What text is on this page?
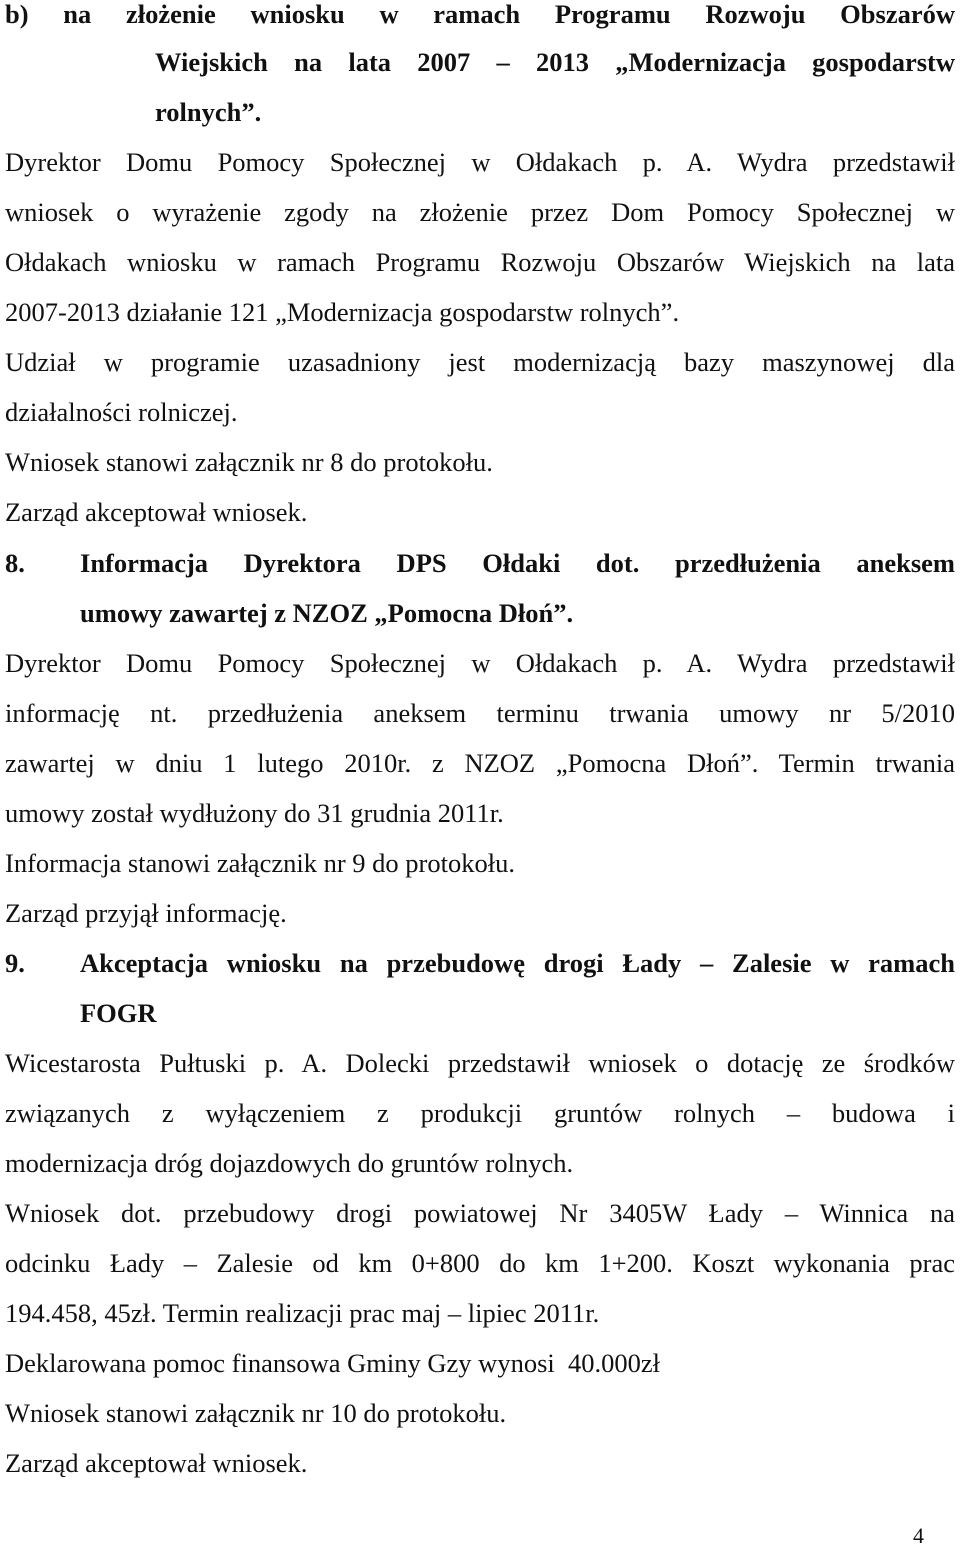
b) na złożenie wniosku w ramach Programu Rozwoju Obszarów
Wiejskich na lata 2007 – 2013 „Modernizacja gospodarstw
rolnych”.
Dyrektor Domu Pomocy Społecznej w Ołdakach p. A. Wydra przedstawił
wniosek o wyrażenie zgody na złożenie przez Dom Pomocy Społecznej w
Ołdakach wniosku w ramach Programu Rozwoju Obszarów Wiejskich na lata
2007-2013 działanie 121 „Modernizacja gospodarstw rolnych”.
Udział w programie uzasadniony jest modernizacją bazy maszynowej dla
działalności rolniczej.
Wniosek stanowi załącznik nr 8 do protokołu.
Zarząd akceptował wniosek.
8.	Informacja Dyrektora DPS Ołdaki dot. przedłużenia aneksem
umowy zawartej z NZOZ „Pomocna Dłoń”.
Dyrektor Domu Pomocy Społecznej w Ołdakach p. A. Wydra przedstawił
informację nt. przedłużenia aneksem terminu trwania umowy nr 5/2010
zawartej w dniu 1 lutego 2010r. z NZOZ „Pomocna Dłoń”. Termin trwania
umowy został wydłużony do 31 grudnia 2011r.
Informacja stanowi załącznik nr 9 do protokołu.
Zarząd przyjął informację.
9.	Akceptacja wniosku na przebudowę drogi Łady – Zalesie w ramach
FOGR
Wicestarosta Pułtuski p. A. Dolecki przedstawił wniosek o dotację ze środków
związanych z wyłączeniem z produkcji gruntów rolnych – budowa i
modernizacja dróg dojazdowych do gruntów rolnych.
Wniosek dot. przebudowy drogi powiatowej Nr 3405W Łady – Winnica na
odcinku Łady – Zalesie od km 0+800 do km 1+200. Koszt wykonania prac
194.458, 45zł. Termin realizacji prac maj – lipiec 2011r.
Deklarowana pomoc finansowa Gminy Gzy wynosi  40.000zł
Wniosek stanowi załącznik nr 10 do protokołu.
Zarząd akceptował wniosek.
4
